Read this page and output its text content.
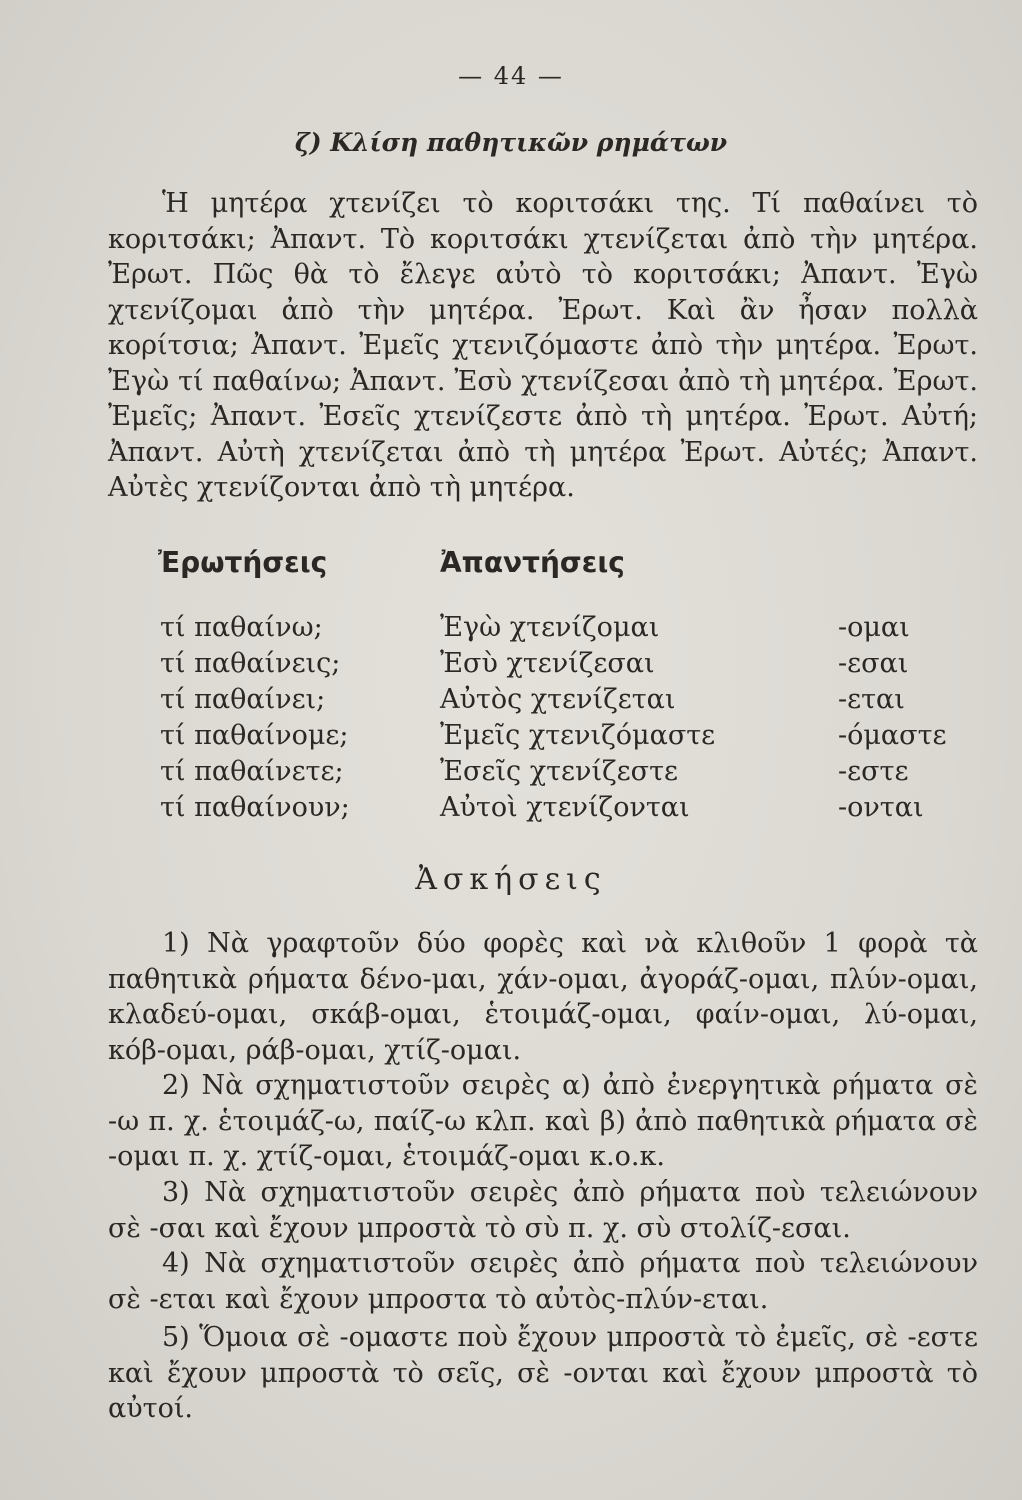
— 44 —
ζ) Κλίση παθητικῶν ρημάτων

Ἡ μητέρα χτενίζει τὸ κοριτσάκι της. Τί παθαίνει τὸ κοριτσάκι; Ἀπαντ. Τὸ κοριτσάκι χτενίζεται ἀπὸ τὴν μητέρα. Ἐρωτ. Πῶς θὰ τὸ ἔλεγε αὐτὸ τὸ κοριτσάκι; Ἀπαντ. Ἐγὼ χτενίζομαι ἀπὸ τὴν μητέρα. Ἐρωτ. Καὶ ἂν ἦσαν πολλὰ κορίτσια; Ἀπαντ. Ἐμεῖς χτενιζόμαστε ἀπὸ τὴν μητέρα. Ἐρωτ. Ἐγὼ τί παθαίνω; Ἀπαντ. Ἐσὺ χτενίζεσαι ἀπὸ τὴ μητέρα. Ἐρωτ. Ἐμεῖς; Ἀπαντ. Ἐσεῖς χτενίζεστε ἀπὸ τὴ μητέρα. Ἐρωτ. Αὐτή; Ἀπαντ. Αὐτὴ χτενίζεται ἀπὸ τὴ μητέρα Ἐρωτ. Αὐτές; Ἀπαντ. Αὐτὲς χτενίζονται ἀπὸ τὴ μητέρα.

Ἐρωτήσεις	Ἀπαντήσεις
τί παθαίνω;	Ἐγὼ χτενίζομαι	-ομαι
τί παθαίνεις;	Ἐσὺ χτενίζεσαι	-εσαι
τί παθαίνει;	Αὐτὸς χτενίζεται	-εται
τί παθαίνομε;	Ἐμεῖς χτενιζόμαστε	-όμαστε
τί παθαίνετε;	Ἐσεῖς χτενίζεστε	-εστε
τί παθαίνουν;	Αὐτοὶ χτενίζονται	-ονται
Ἀσκήσεις

1) Νὰ γραφτοῦν δύο φορὲς καὶ νὰ κλιθοῦν 1 φορὰ τὰ παθητικὰ ρήματα δένο-μαι, χάν-ομαι, ἀγοράζ-ομαι, πλύν-ομαι, κλαδεύ-ομαι, σκάβ-ομαι, ἑτοιμάζ-ομαι, φαίν-ομαι, λύ-ομαι, κόβ-ομαι, ράβ-ομαι, χτίζ-ομαι.

2) Νὰ σχηματιστοῦν σειρὲς α) ἀπὸ ἐνεργητικὰ ρήματα σὲ -ω π. χ. ἑτοιμάζ-ω, παίζ-ω κλπ. καὶ β) ἀπὸ παθητικὰ ρήματα σὲ -ομαι π. χ. χτίζ-ομαι, ἑτοιμάζ-ομαι κ.ο.κ.

3) Νὰ σχηματιστοῦν σειρὲς ἀπὸ ρήματα ποὺ τελειώνουν σὲ -σαι καὶ ἔχουν μπροστὰ τὸ σὺ π. χ. σὺ στολίζ-εσαι.

4) Νὰ σχηματιστοῦν σειρὲς ἀπὸ ρήματα ποὺ τελειώνουν σὲ -εται καὶ ἔχουν μπροστα τὸ αὐτὸς-πλύν-εται.

5) Ὅμοια σὲ -ομαστε ποὺ ἔχουν μπροστὰ τὸ ἐμεῖς, σὲ -εστε καὶ ἔχουν μπροστὰ τὸ σεῖς, σὲ -ονται καὶ ἔχουν μπροστὰ τὸ αὐτοί.
